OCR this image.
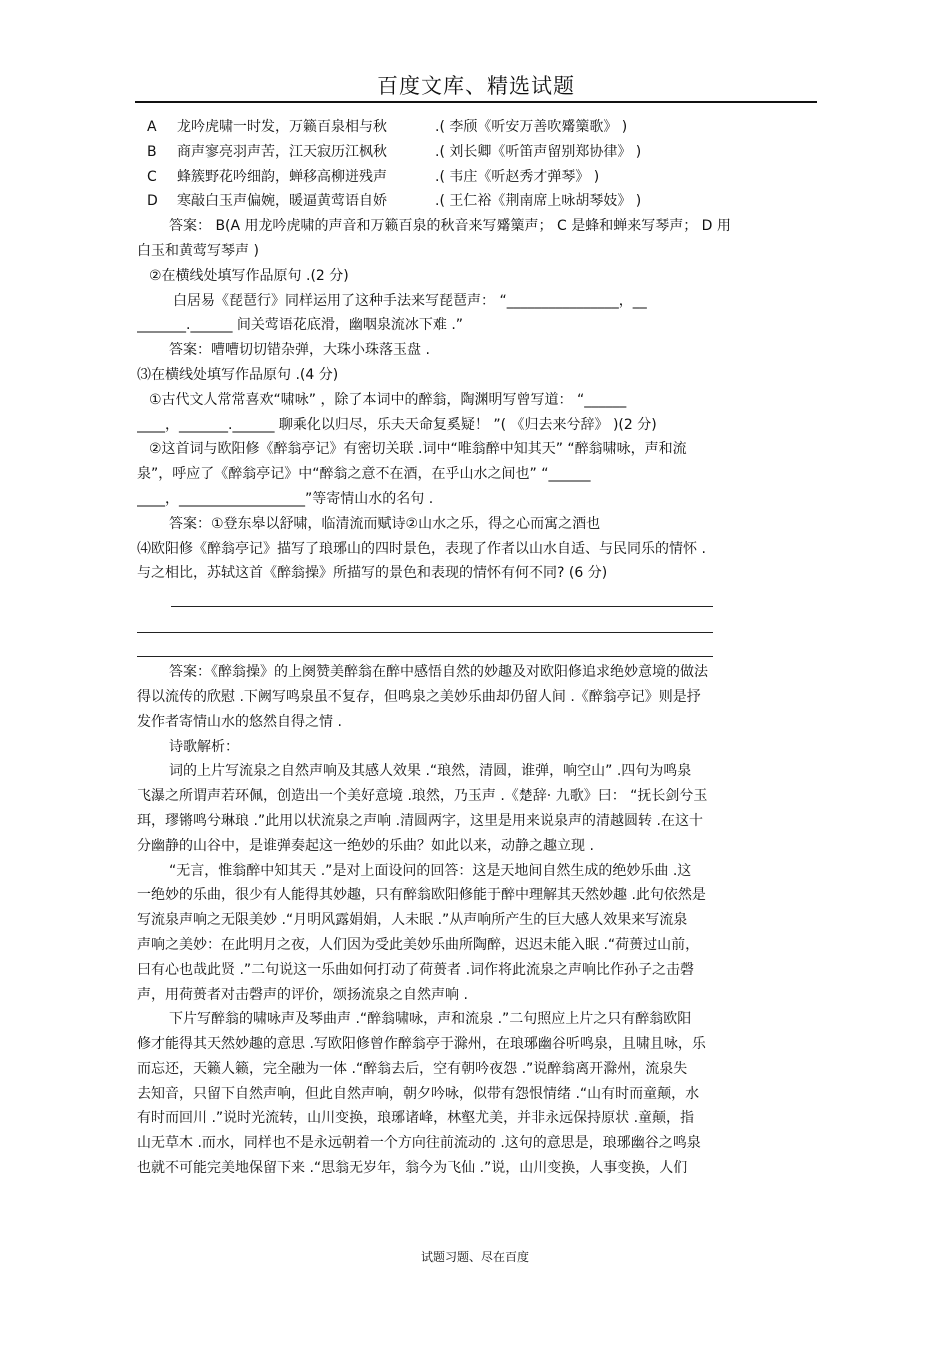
百度文库、精选试题
A 龙吟虎啸一时发，万籁百泉相与秋	.( 李颀《听安万善吹觱篥歌》 )
B 商声寥亮羽声苦，江天寂历江枫秋	.( 刘长卿《听笛声留别郑协律》 )
C 蜂簇野花吟细韵，蝉移高柳迸残声	.( 韦庄《听赵秀才弹琴》 )
D 寒敲白玉声偏婉，暖逼黄莺语自娇	.( 王仁裕《荆南席上咏胡琴妓》 )
答案： B(A 用龙吟虎啸的声音和万籁百泉的秋音来写觱篥声； C 是蜂和蝉来写琴声； D 用
白玉和黄莺写琴声 )
②在横线处填写作品原句 .(2 分)
白居易《琵琶行》同样运用了这种手法来写琵琶声： “________________，__
_______.______ 间关莺语花底滑，幽咽泉流冰下难 .”
答案：嘈嘈切切错杂弹，大珠小珠落玉盘 .
⑶在横线处填写作品原句 .(4 分)
①古代文人常常喜欢“啸咏” ，除了本词中的醉翁，陶渊明写曾写道： “______
____，_______.______ 聊乘化以归尽，乐夫天命复奚疑！ ”( 《归去来兮辞》 )(2 分)
②这首词与欧阳修《醉翁亭记》有密切关联 .词中“唯翁醉中知其天” “醉翁啸咏，声和流
泉”，呼应了《醉翁亭记》中“醉翁之意不在酒，在乎山水之间也” “______
____，__________________”等寄情山水的名句 .
答案：①登东皋以舒啸，临清流而赋诗②山水之乐，得之心而寓之酒也
⑷欧阳修《醉翁亭记》描写了琅琊山的四时景色，表现了作者以山水自适、与民同乐的情怀 .
与之相比，苏轼这首《醉翁操》所描写的景色和表现的情怀有何不同? (6 分)
答案：《醉翁操》的上阕赞美醉翁在醉中感悟自然的妙趣及对欧阳修追求绝妙意境的做法
得以流传的欣慰 .下阙写鸣泉虽不复存，但鸣泉之美妙乐曲却仍留人间 .《醉翁亭记》则是抒
发作者寄情山水的悠然自得之情 .
诗歌解析：
词的上片写流泉之自然声响及其感人效果 .“琅然，清圆，谁弹，响空山” .四句为鸣泉
飞瀑之所谓声若环佩，创造出一个美好意境 .琅然，乃玉声 .《楚辞· 九歌》曰： “抚长剑兮玉
珥，璆锵鸣兮琳琅 .”此用以状流泉之声响 .清圆两字，这里是用来说泉声的清越圆转 .在这十
分幽静的山谷中，是谁弹奏起这一绝妙的乐曲？如此以来，动静之趣立现 .
“无言，惟翁醉中知其天 .”是对上面设问的回答：这是天地间自然生成的绝妙乐曲 .这
一绝妙的乐曲，很少有人能得其妙趣，只有醉翁欧阳修能于醉中理解其天然妙趣 .此句依然是
写流泉声响之无限美妙 .“月明风露娟娟，人未眠 .”从声响所产生的巨大感人效果来写流泉
声响之美妙：在此明月之夜，人们因为受此美妙乐曲所陶醉，迟迟未能入眠 .“荷蒉过山前，
曰有心也哉此贤 .”二句说这一乐曲如何打动了荷蒉者 .词作将此流泉之声响比作孙子之击磬
声，用荷蒉者对击磬声的评价，颂扬流泉之自然声响 .
下片写醉翁的啸咏声及琴曲声 .“醉翁啸咏，声和流泉 .”二句照应上片之只有醉翁欧阳
修才能得其天然妙趣的意思 .写欧阳修曾作醉翁亭于滁州，在琅琊幽谷听鸣泉，且啸且咏，乐
而忘还，天籁人籁，完全融为一体 .“醉翁去后，空有朝吟夜怨 .”说醉翁离开滁州，流泉失
去知音，只留下自然声响，但此自然声响，朝夕吟咏，似带有怨恨情绪 .“山有时而童颠，水
有时而回川 .”说时光流转，山川变换，琅琊诸峰，林壑尤美，并非永远保持原状 .童颠，指
山无草木 .而水，同样也不是永远朝着一个方向往前流动的 .这句的意思是，琅琊幽谷之鸣泉
也就不可能完美地保留下来 .“思翁无岁年，翁今为飞仙 .”说，山川变换，人事变换，人们
试题习题、尽在百度
